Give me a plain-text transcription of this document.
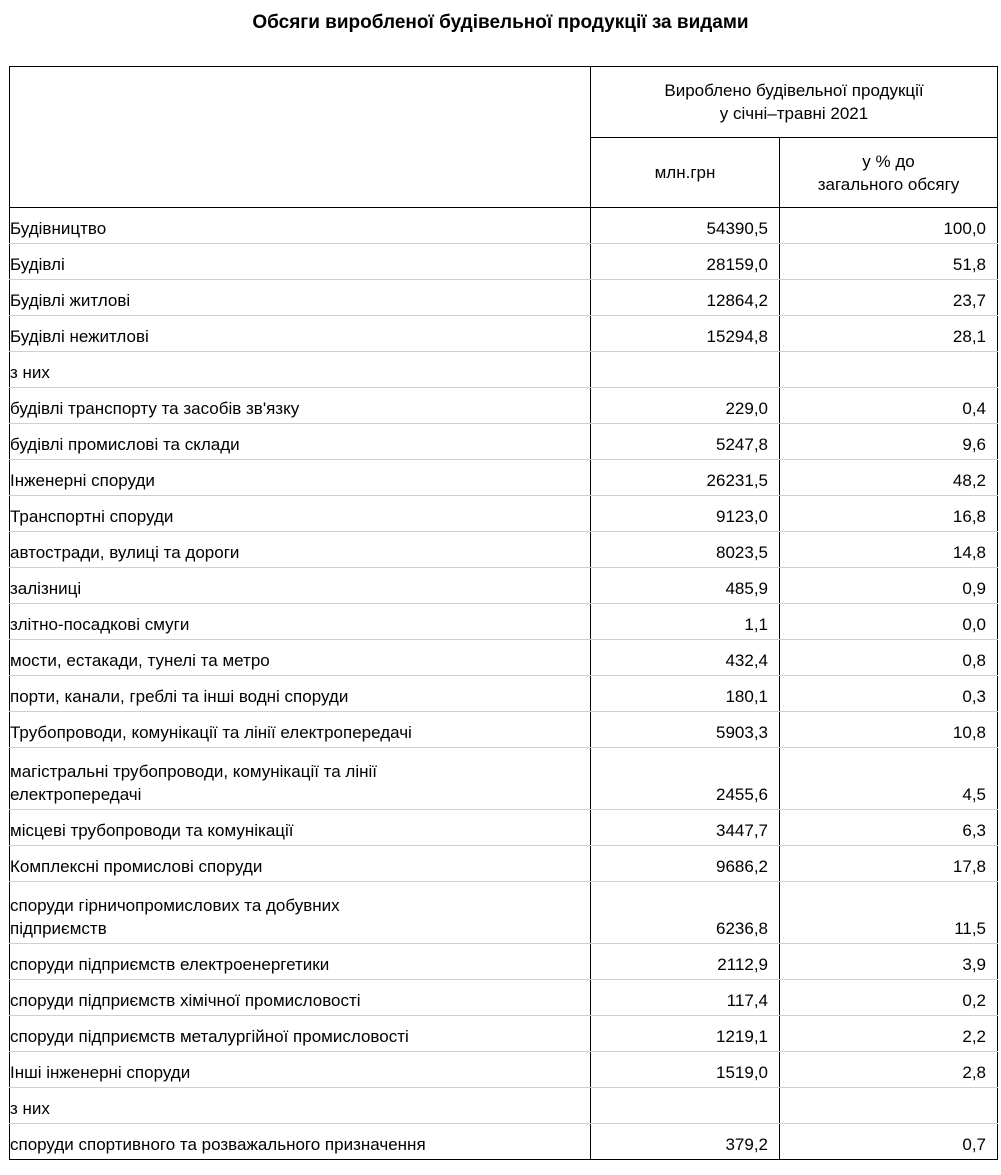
Обсяги виробленої будівельної продукції за видами

	Вироблено будівельної продукції
у січні–травні 2021	

	млн.грн	у % до
загального обсягу

Будівництво	54390,5	100,0
Будівлі	28159,0	51,8
Будівлі житлові	12864,2	23,7
Будівлі нежитлові	15294,8	28,1
з них		
будівлі транспорту та засобів зв'язку	229,0	0,4
будівлі промислові та склади	5247,8	9,6
Інженерні споруди	26231,5	48,2
Транспортні споруди	9123,0	16,8
автостради, вулиці та дороги	8023,5	14,8
залізниці	485,9	0,9
злітно-посадкові смуги	1,1	0,0
мости, естакади, тунелі та метро	432,4	0,8
порти, канали, греблі та інші водні споруди	180,1	0,3
Трубопроводи, комунікації та лінії електропередачі	5903,3	10,8

магістральні трубопроводи, комунікації та лінії
електропередачі	2455,6	4,5
місцеві трубопроводи та комунікації	3447,7	6,3
Комплексні промислові споруди	9686,2	17,8

споруди гірничопромислових та добувних
підприємств	6236,8	11,5
споруди підприємств електроенергетики	2112,9	3,9
споруди підприємств хімічної промисловості	117,4	0,2
споруди підприємств металургійної промисловості	1219,1	2,2
Інші інженерні споруди	1519,0	2,8
з них		
споруди спортивного та розважального призначення	379,2	0,7
